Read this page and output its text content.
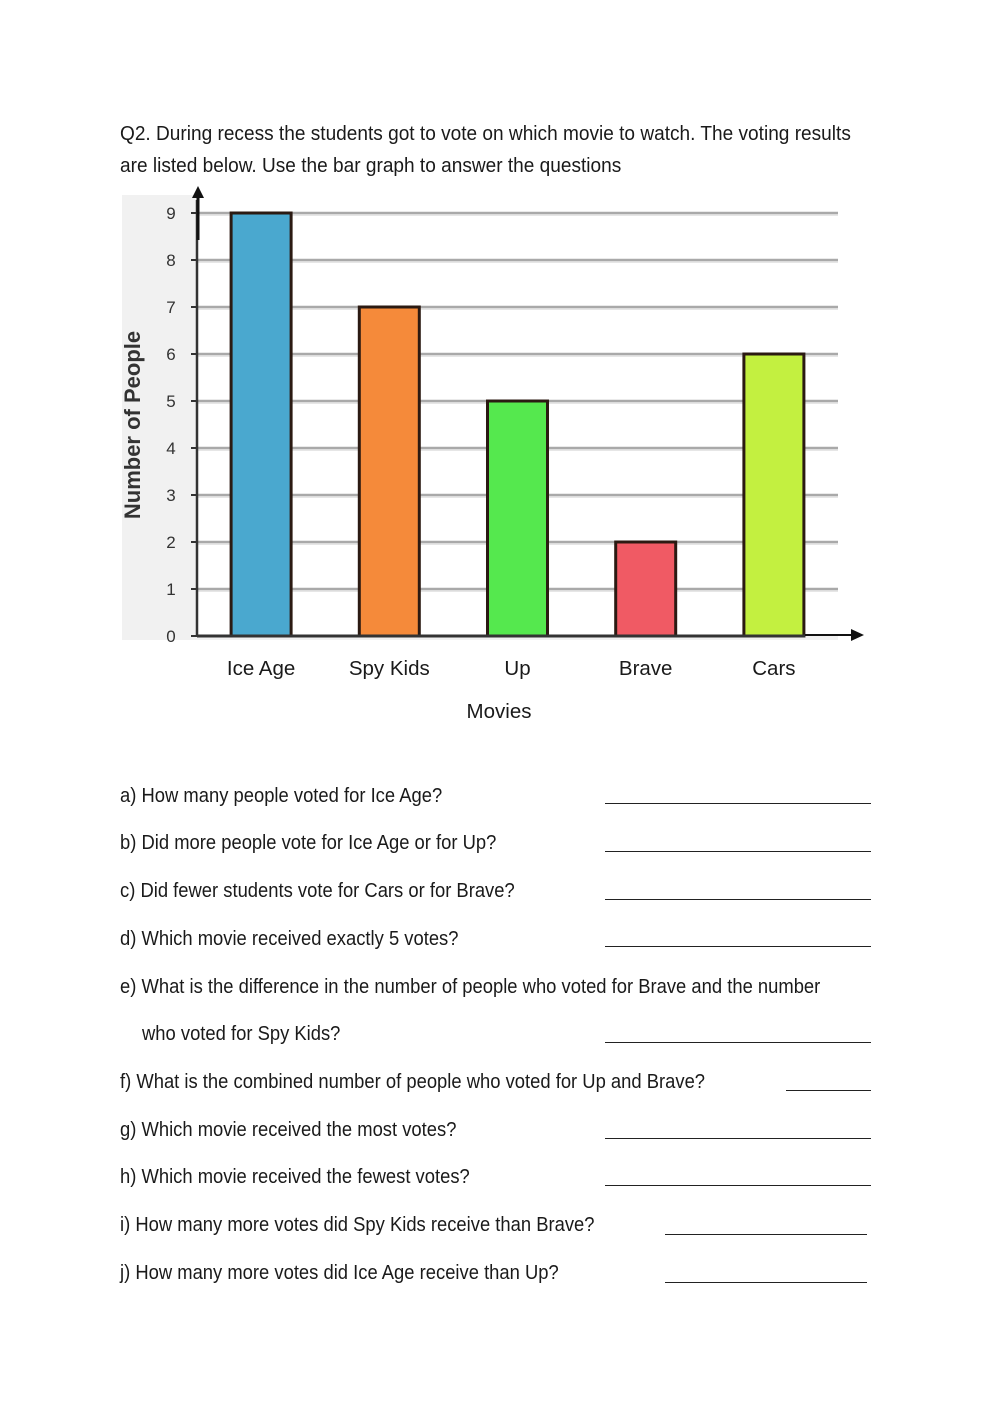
Q2. During recess the students got to vote on which movie to watch. The voting results
are listed below. Use the bar graph to answer the questions
0
1
2
3
4
5
6
7
8
9
Ice Age	Spy Kids	Up	Brave	Cars
Number of People
Movies
a) How many people voted for Ice Age?
b) Did more people vote for Ice Age or for Up?
c) Did fewer students vote for Cars or for Brave?
d) Which movie received exactly 5 votes?
e) What is the difference in the number of people who voted for Brave and the number
who voted for Spy Kids?
f) What is the combined number of people who voted for Up and Brave?
g) Which movie received the most votes?
h) Which movie received the fewest votes?
i) How many more votes did Spy Kids receive than Brave?
j) How many more votes did Ice Age receive than Up?
